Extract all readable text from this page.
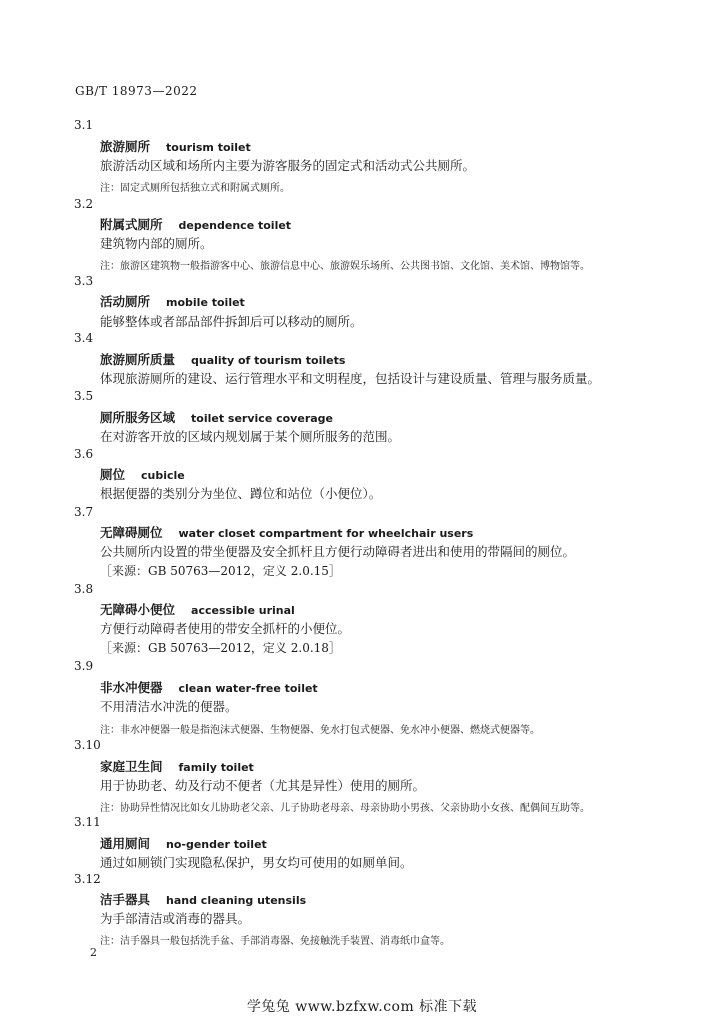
GB/T 18973—2022
3.1
旅游厕所 tourism toilet
旅游活动区域和场所内主要为游客服务的固定式和活动式公共厕所。
注：固定式厕所包括独立式和附属式厕所。
3.2
附属式厕所 dependence toilet
建筑物内部的厕所。
注：旅游区建筑物一般指游客中心、旅游信息中心、旅游娱乐场所、公共图书馆、文化馆、美术馆、博物馆等。
3.3
活动厕所 mobile toilet
能够整体或者部品部件拆卸后可以移动的厕所。
3.4
旅游厕所质量 quality of tourism toilets
体现旅游厕所的建设、运行管理水平和文明程度，包括设计与建设质量、管理与服务质量。
3.5
厕所服务区域 toilet service coverage
在对游客开放的区域内规划属于某个厕所服务的范围。
3.6
厕位 cubicle
根据便器的类别分为坐位、蹲位和站位（小便位）。
3.7
无障碍厕位 water closet compartment for wheelchair users
公共厕所内设置的带坐便器及安全抓杆且方便行动障碍者进出和使用的带隔间的厕位。
［来源：GB 50763—2012，定义 2.0.15］
3.8
无障碍小便位 accessible urinal
方便行动障碍者使用的带安全抓杆的小便位。
［来源：GB 50763—2012，定义 2.0.18］
3.9
非水冲便器 clean water-free toilet
不用清洁水冲洗的便器。
注：非水冲便器一般是指泡沫式便器、生物便器、免水打包式便器、免水冲小便器、燃烧式便器等。
3.10
家庭卫生间 family toilet
用于协助老、幼及行动不便者（尤其是异性）使用的厕所。
注：协助异性情况比如女儿协助老父亲、儿子协助老母亲、母亲协助小男孩、父亲协助小女孩、配偶间互助等。
3.11
通用厕间 no-gender toilet
通过如厕锁门实现隐私保护，男女均可使用的如厕单间。
3.12
洁手器具 hand cleaning utensils
为手部清洁或消毒的器具。
注：洁手器具一般包括洗手盆、手部消毒器、免接触洗手装置、消毒纸巾盒等。
2
学兔兔 www.bzfxw.com 标准下载
